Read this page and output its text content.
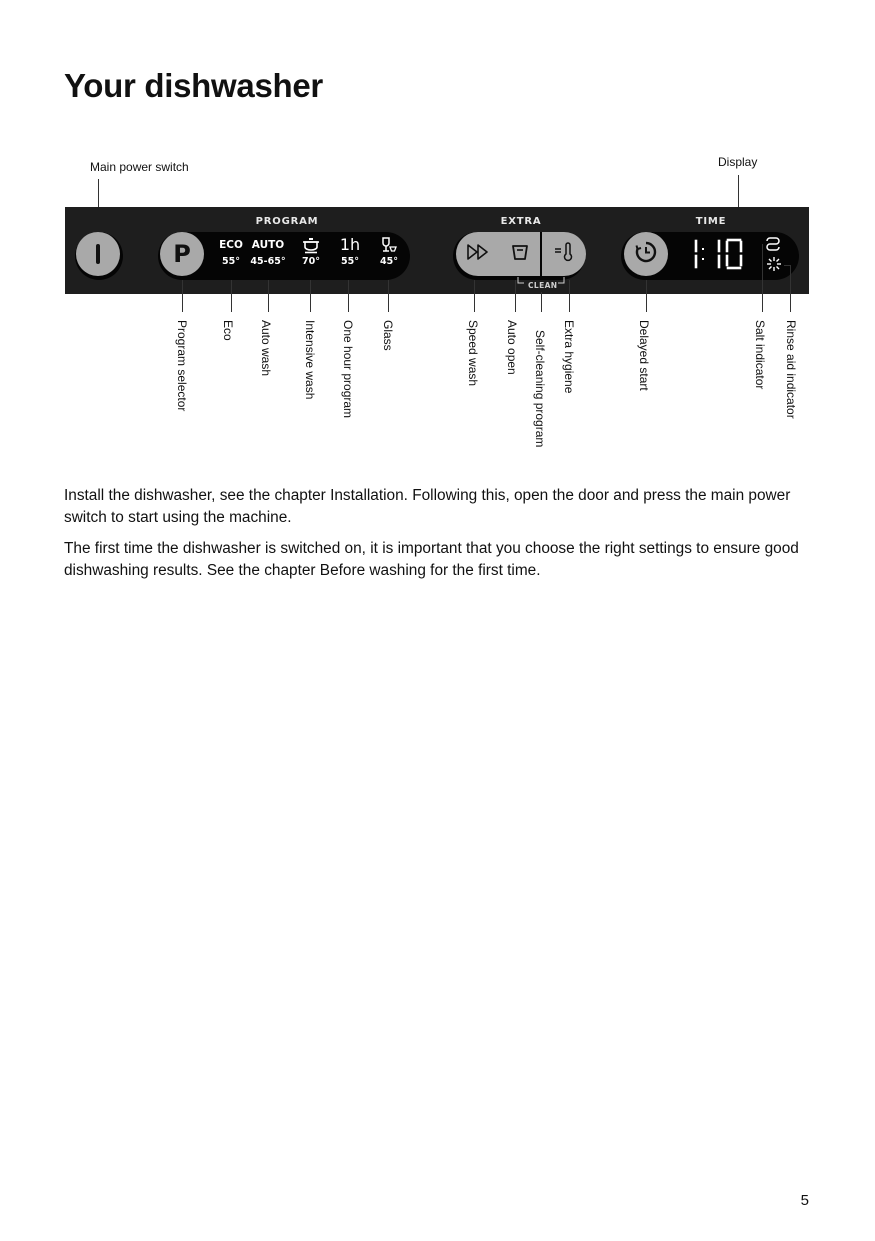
Your dishwasher
Main power switch	Display
PROGRAM	EXTRA	TIME
P	ECO
55°
AUTO
45-65° 70°
1h
55° 45°
CLEAN
Program selector	Eco Auto wash	Intensive wash One hour program Glass	Speed wash Auto open Self-cleaning program Extra hygiene	Delayed start	Salt indicator Rinse aid indicator

Install the dishwasher, see the chapter Installation. Following this, open the door and press the main power switch to start using the machine.

The first time the dishwasher is switched on, it is important that you choose the right settings to ensure good dishwashing results. See the chapter Before washing for the first time.

5
